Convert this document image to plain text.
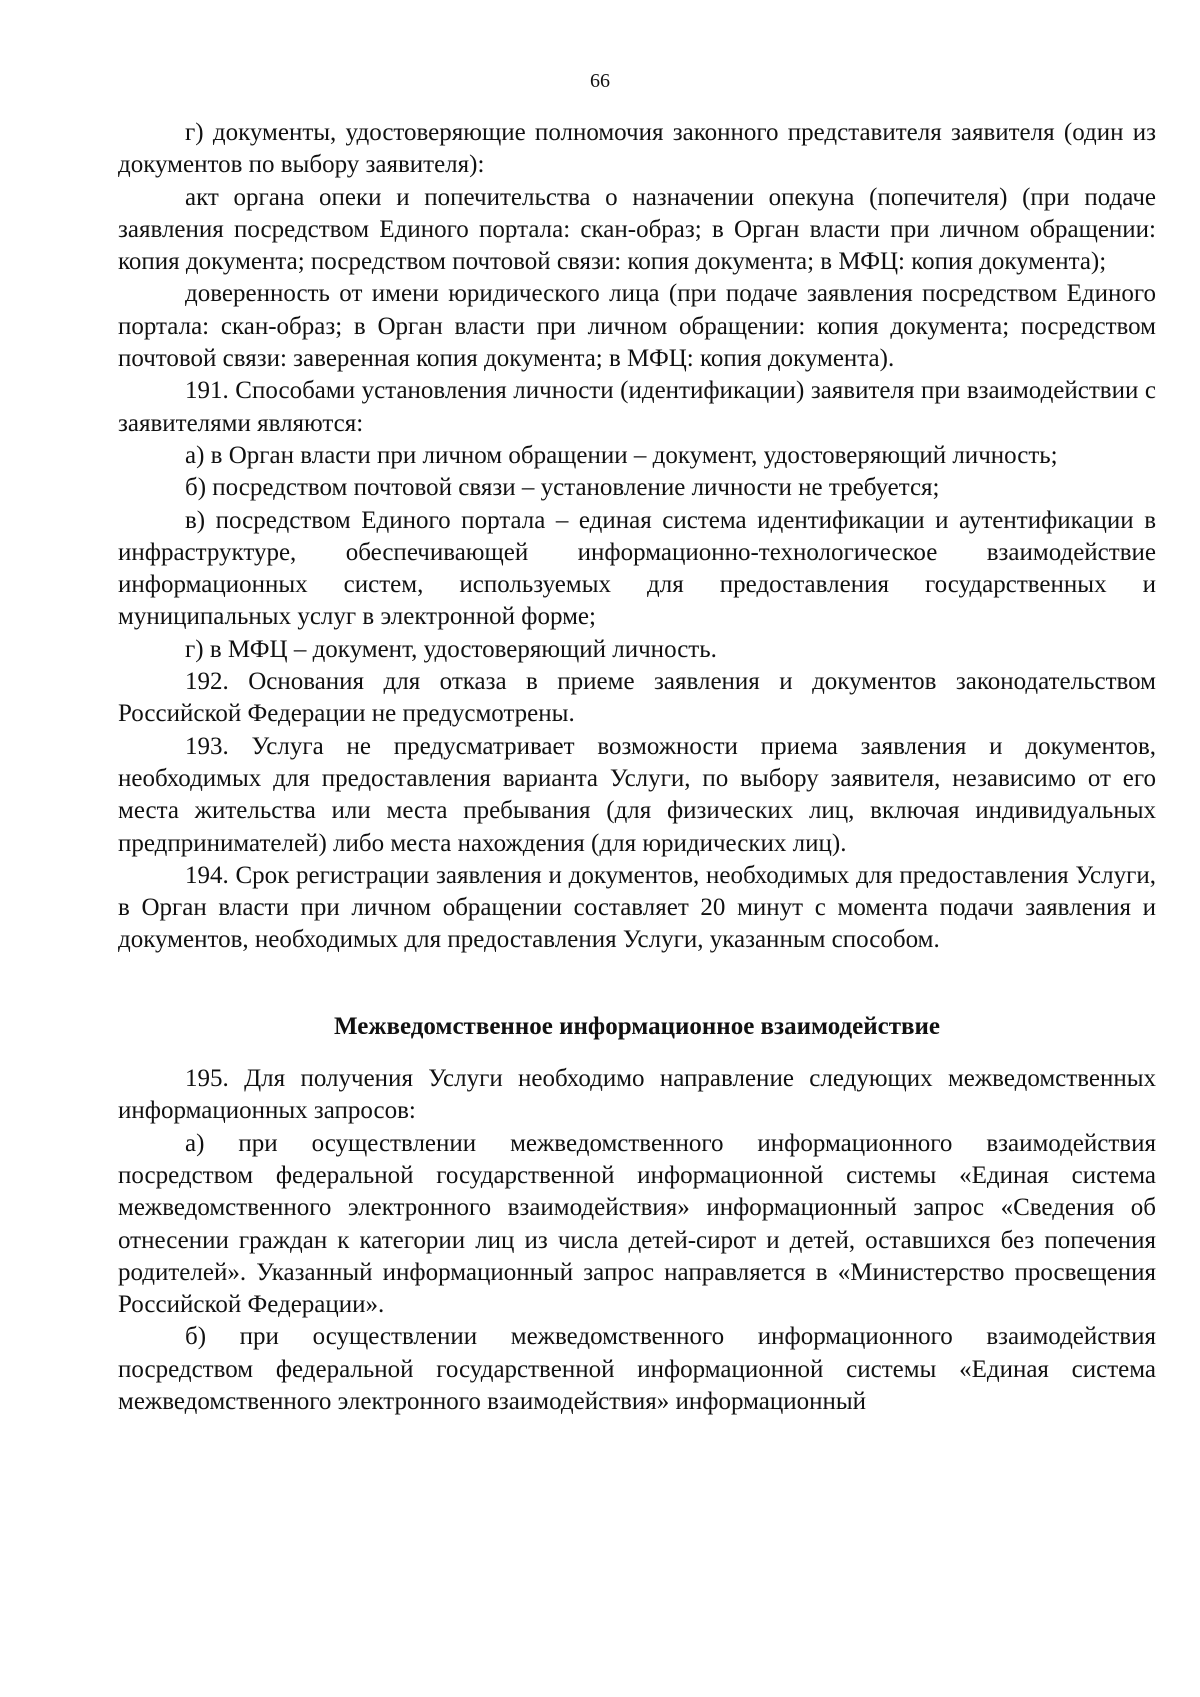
66

г) документы, удостоверяющие полномочия законного представителя заявителя (один из документов по выбору заявителя):

акт органа опеки и попечительства о назначении опекуна (попечителя) (при подаче заявления посредством Единого портала: скан-образ; в Орган власти при личном обращении: копия документа; посредством почтовой связи: копия документа; в МФЦ: копия документа);

доверенность от имени юридического лица (при подаче заявления посредством Единого портала: скан-образ; в Орган власти при личном обращении: копия документа; посредством почтовой связи: заверенная копия документа; в МФЦ: копия документа).

191. Способами установления личности (идентификации) заявителя при взаимодействии с заявителями являются:

а) в Орган власти при личном обращении – документ, удостоверяющий личность;

б) посредством почтовой связи – установление личности не требуется;

в) посредством Единого портала – единая система идентификации и аутентификации в инфраструктуре, обеспечивающей информационно-технологическое взаимодействие информационных систем, используемых для предоставления государственных и муниципальных услуг в электронной форме;

г) в МФЦ – документ, удостоверяющий личность.

192. Основания для отказа в приеме заявления и документов законодательством Российской Федерации не предусмотрены.

193. Услуга не предусматривает возможности приема заявления и документов, необходимых для предоставления варианта Услуги, по выбору заявителя, независимо от его места жительства или места пребывания (для физических лиц, включая индивидуальных предпринимателей) либо места нахождения (для юридических лиц).

194. Срок регистрации заявления и документов, необходимых для предоставления Услуги, в Орган власти при личном обращении составляет 20 минут с момента подачи заявления и документов, необходимых для предоставления Услуги, указанным способом.

Межведомственное информационное взаимодействие

195. Для получения Услуги необходимо направление следующих межведомственных информационных запросов:

а) при осуществлении межведомственного информационного взаимодействия посредством федеральной государственной информационной системы «Единая система межведомственного электронного взаимодействия» информационный запрос «Сведения об отнесении граждан к категории лиц из числа детей-сирот и детей, оставшихся без попечения родителей». Указанный информационный запрос направляется в «Министерство просвещения Российской Федерации».

б) при осуществлении межведомственного информационного взаимодействия посредством федеральной государственной информационной системы «Единая система межведомственного электронного взаимодействия» информационный
